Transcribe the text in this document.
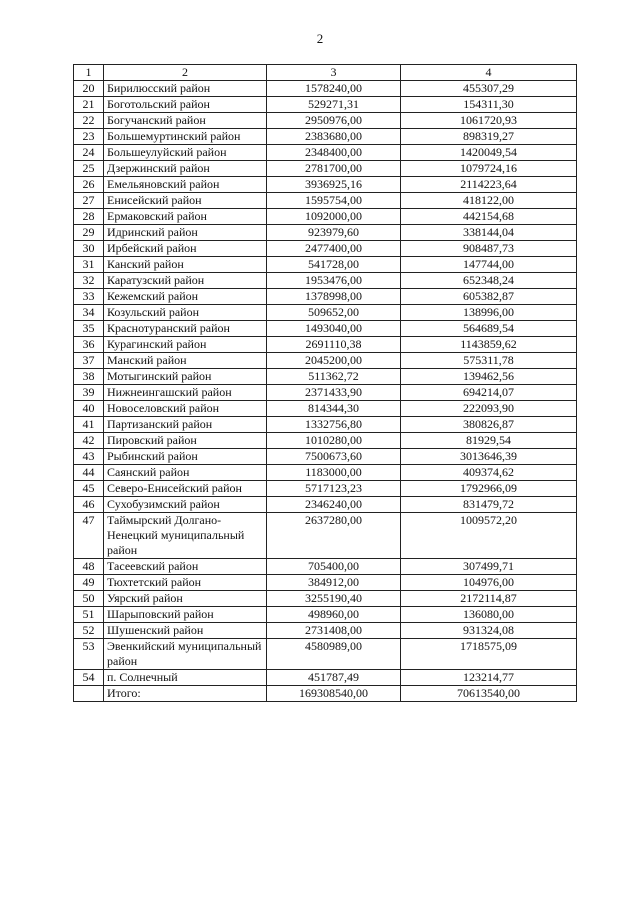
2
1	2	3	4
20	Бирилюсский район	1578240,00	455307,29
21	Боготольский район	529271,31	154311,30
22	Богучанский район	2950976,00	1061720,93
23	Большемуртинский район	2383680,00	898319,27
24	Большеулуйский район	2348400,00	1420049,54
25	Дзержинский район	2781700,00	1079724,16
26	Емельяновский район	3936925,16	2114223,64
27	Енисейский район	1595754,00	418122,00
28	Ермаковский район	1092000,00	442154,68
29	Идринский район	923979,60	338144,04
30	Ирбейский район	2477400,00	908487,73
31	Канский район	541728,00	147744,00
32	Каратузский район	1953476,00	652348,24
33	Кежемский район	1378998,00	605382,87
34	Козульский район	509652,00	138996,00
35	Краснотуранский район	1493040,00	564689,54
36	Курагинский район	2691110,38	1143859,62
37	Манский район	2045200,00	575311,78
38	Мотыгинский район	511362,72	139462,56
39	Нижнеингашский район	2371433,90	694214,07
40	Новоселовский район	814344,30	222093,90
41	Партизанский район	1332756,80	380826,87
42	Пировский район	1010280,00	81929,54
43	Рыбинский район	7500673,60	3013646,39
44	Саянский район	1183000,00	409374,62
45	Северо-Енисейский район	5717123,23	1792966,09
46	Сухобузимский район	2346240,00	831479,72
47	Таймырский Долгано-Ненецкий муниципальный район	2637280,00	1009572,20
48	Тасеевский район	705400,00	307499,71
49	Тюхтетский район	384912,00	104976,00
50	Уярский район	3255190,40	2172114,87
51	Шарыповский район	498960,00	136080,00
52	Шушенский район	2731408,00	931324,08
53	Эвенкийский муниципальный район	4580989,00	1718575,09
54	п. Солнечный	451787,49	123214,77
	Итого:	169308540,00	70613540,00
